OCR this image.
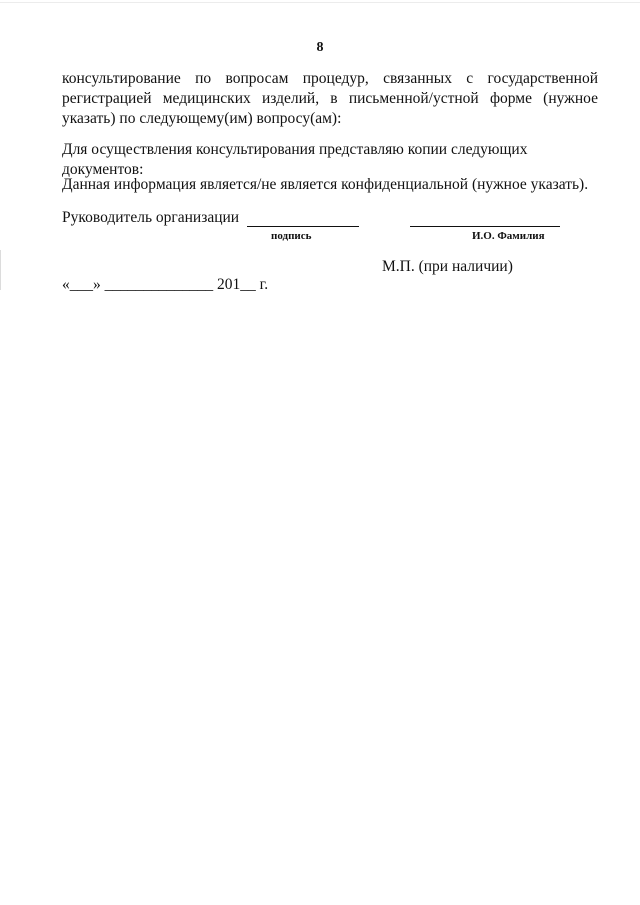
8

консультирование по вопросам процедур, связанных с государственной регистрацией медицинских изделий, в письменной/устной форме (нужное указать) по следующему(им) вопросу(ам):

Для осуществления консультирования представляю копии следующих документов:

Данная информация является/не является конфиденциальной (нужное указать).

Руководитель организации
подпись	И.О. Фамилия
М.П. (при наличии)
«___» ______________ 201__ г.
